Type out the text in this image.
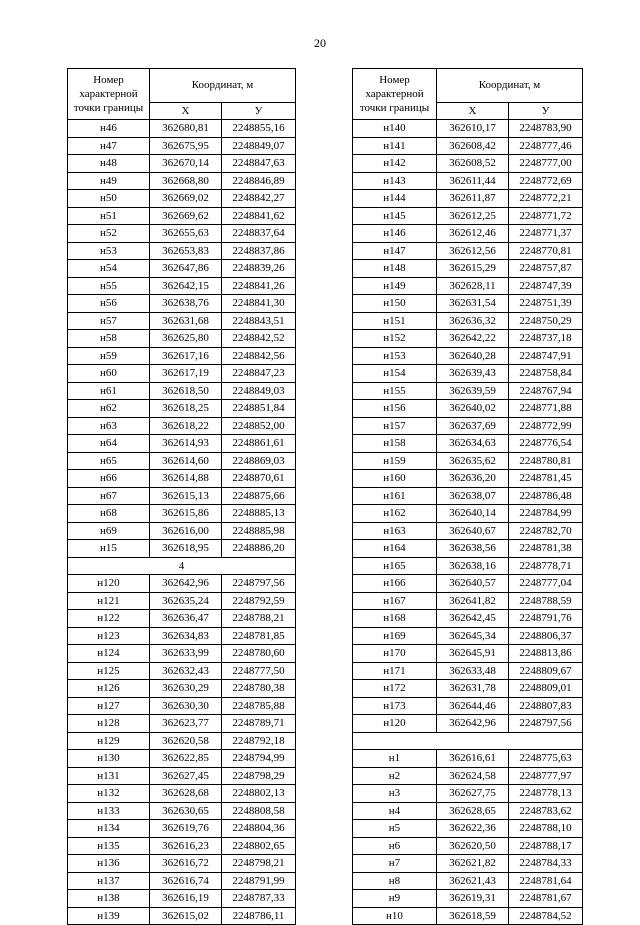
20
Номер характерной точки границы	Координат, м	
	X	У
н46	362680,81	2248855,16
н47	362675,95	2248849,07
н48	362670,14	2248847,63
н49	362668,80	2248846,89
н50	362669,02	2248842,27
н51	362669,62	2248841,62
н52	362655,63	2248837,64
н53	362653,83	2248837,86
н54	362647,86	2248839,26
н55	362642,15	2248841,26
н56	362638,76	2248841,30
н57	362631,68	2248843,51
н58	362625,80	2248842,52
н59	362617,16	2248842,56
н60	362617,19	2248847,23
н61	362618,50	2248849,03
н62	362618,25	2248851,84
н63	362618,22	2248852,00
н64	362614,93	2248861,61
н65	362614,60	2248869,03
н66	362614,88	2248870,61
н67	362615,13	2248875,66
н68	362615,86	2248885,13
н69	362616,00	2248885,98
н15	362618,95	2248886,20
4		
н120	362642,96	2248797,56
н121	362635,24	2248792,59
н122	362636,47	2248788,21
н123	362634,83	2248781,85
н124	362633,99	2248780,60
н125	362632,43	2248777,50
н126	362630,29	2248780,38
н127	362630,30	2248785,88
н128	362623,77	2248789,71
н129	362620,58	2248792,18
н130	362622,85	2248794,99
н131	362627,45	2248798,29
н132	362628,68	2248802,13
н133	362630,65	2248808,58
н134	362619,76	2248804,36
н135	362616,23	2248802,65
н136	362616,72	2248798,21
н137	362616,74	2248791,99
н138	362616,19	2248787,33
н139	362615,02	2248786,11
Номер характерной точки границы	Координат, м	
	X	У
н140	362610,17	2248783,90
н141	362608,42	2248777,46
н142	362608,52	2248777,00
н143	362611,44	2248772,69
н144	362611,87	2248772,21
н145	362612,25	2248771,72
н146	362612,46	2248771,37
н147	362612,56	2248770,81
н148	362615,29	2248757,87
н149	362628,11	2248747,39
н150	362631,54	2248751,39
н151	362636,32	2248750,29
н152	362642,22	2248737,18
н153	362640,28	2248747,91
н154	362639,43	2248758,84
н155	362639,59	2248767,94
н156	362640,02	2248771,88
н157	362637,69	2248772,99
н158	362634,63	2248776,54
н159	362635,62	2248780,81
н160	362636,20	2248781,45
н161	362638,07	2248786,48
н162	362640,14	2248784,99
н163	362640,67	2248782,70
н164	362638,56	2248781,38
н165	362638,16	2248778,71
н166	362640,57	2248777,04
н167	362641,82	2248788,59
н168	362642,45	2248791,76
н169	362645,34	2248806,37
н170	362645,91	2248813,86
н171	362633,48	2248809,67
н172	362631,78	2248809,01
н173	362644,46	2248807,83
н120	362642,96	2248797,56

н1	362616,61	2248775,63
н2	362624,58	2248777,97
н3	362627,75	2248778,13
н4	362628,65	2248783,62
н5	362622,36	2248788,10
н6	362620,50	2248788,17
н7	362621,82	2248784,33
н8	362621,43	2248781,64
н9	362619,31	2248781,67
н10	362618,59	2248784,52
